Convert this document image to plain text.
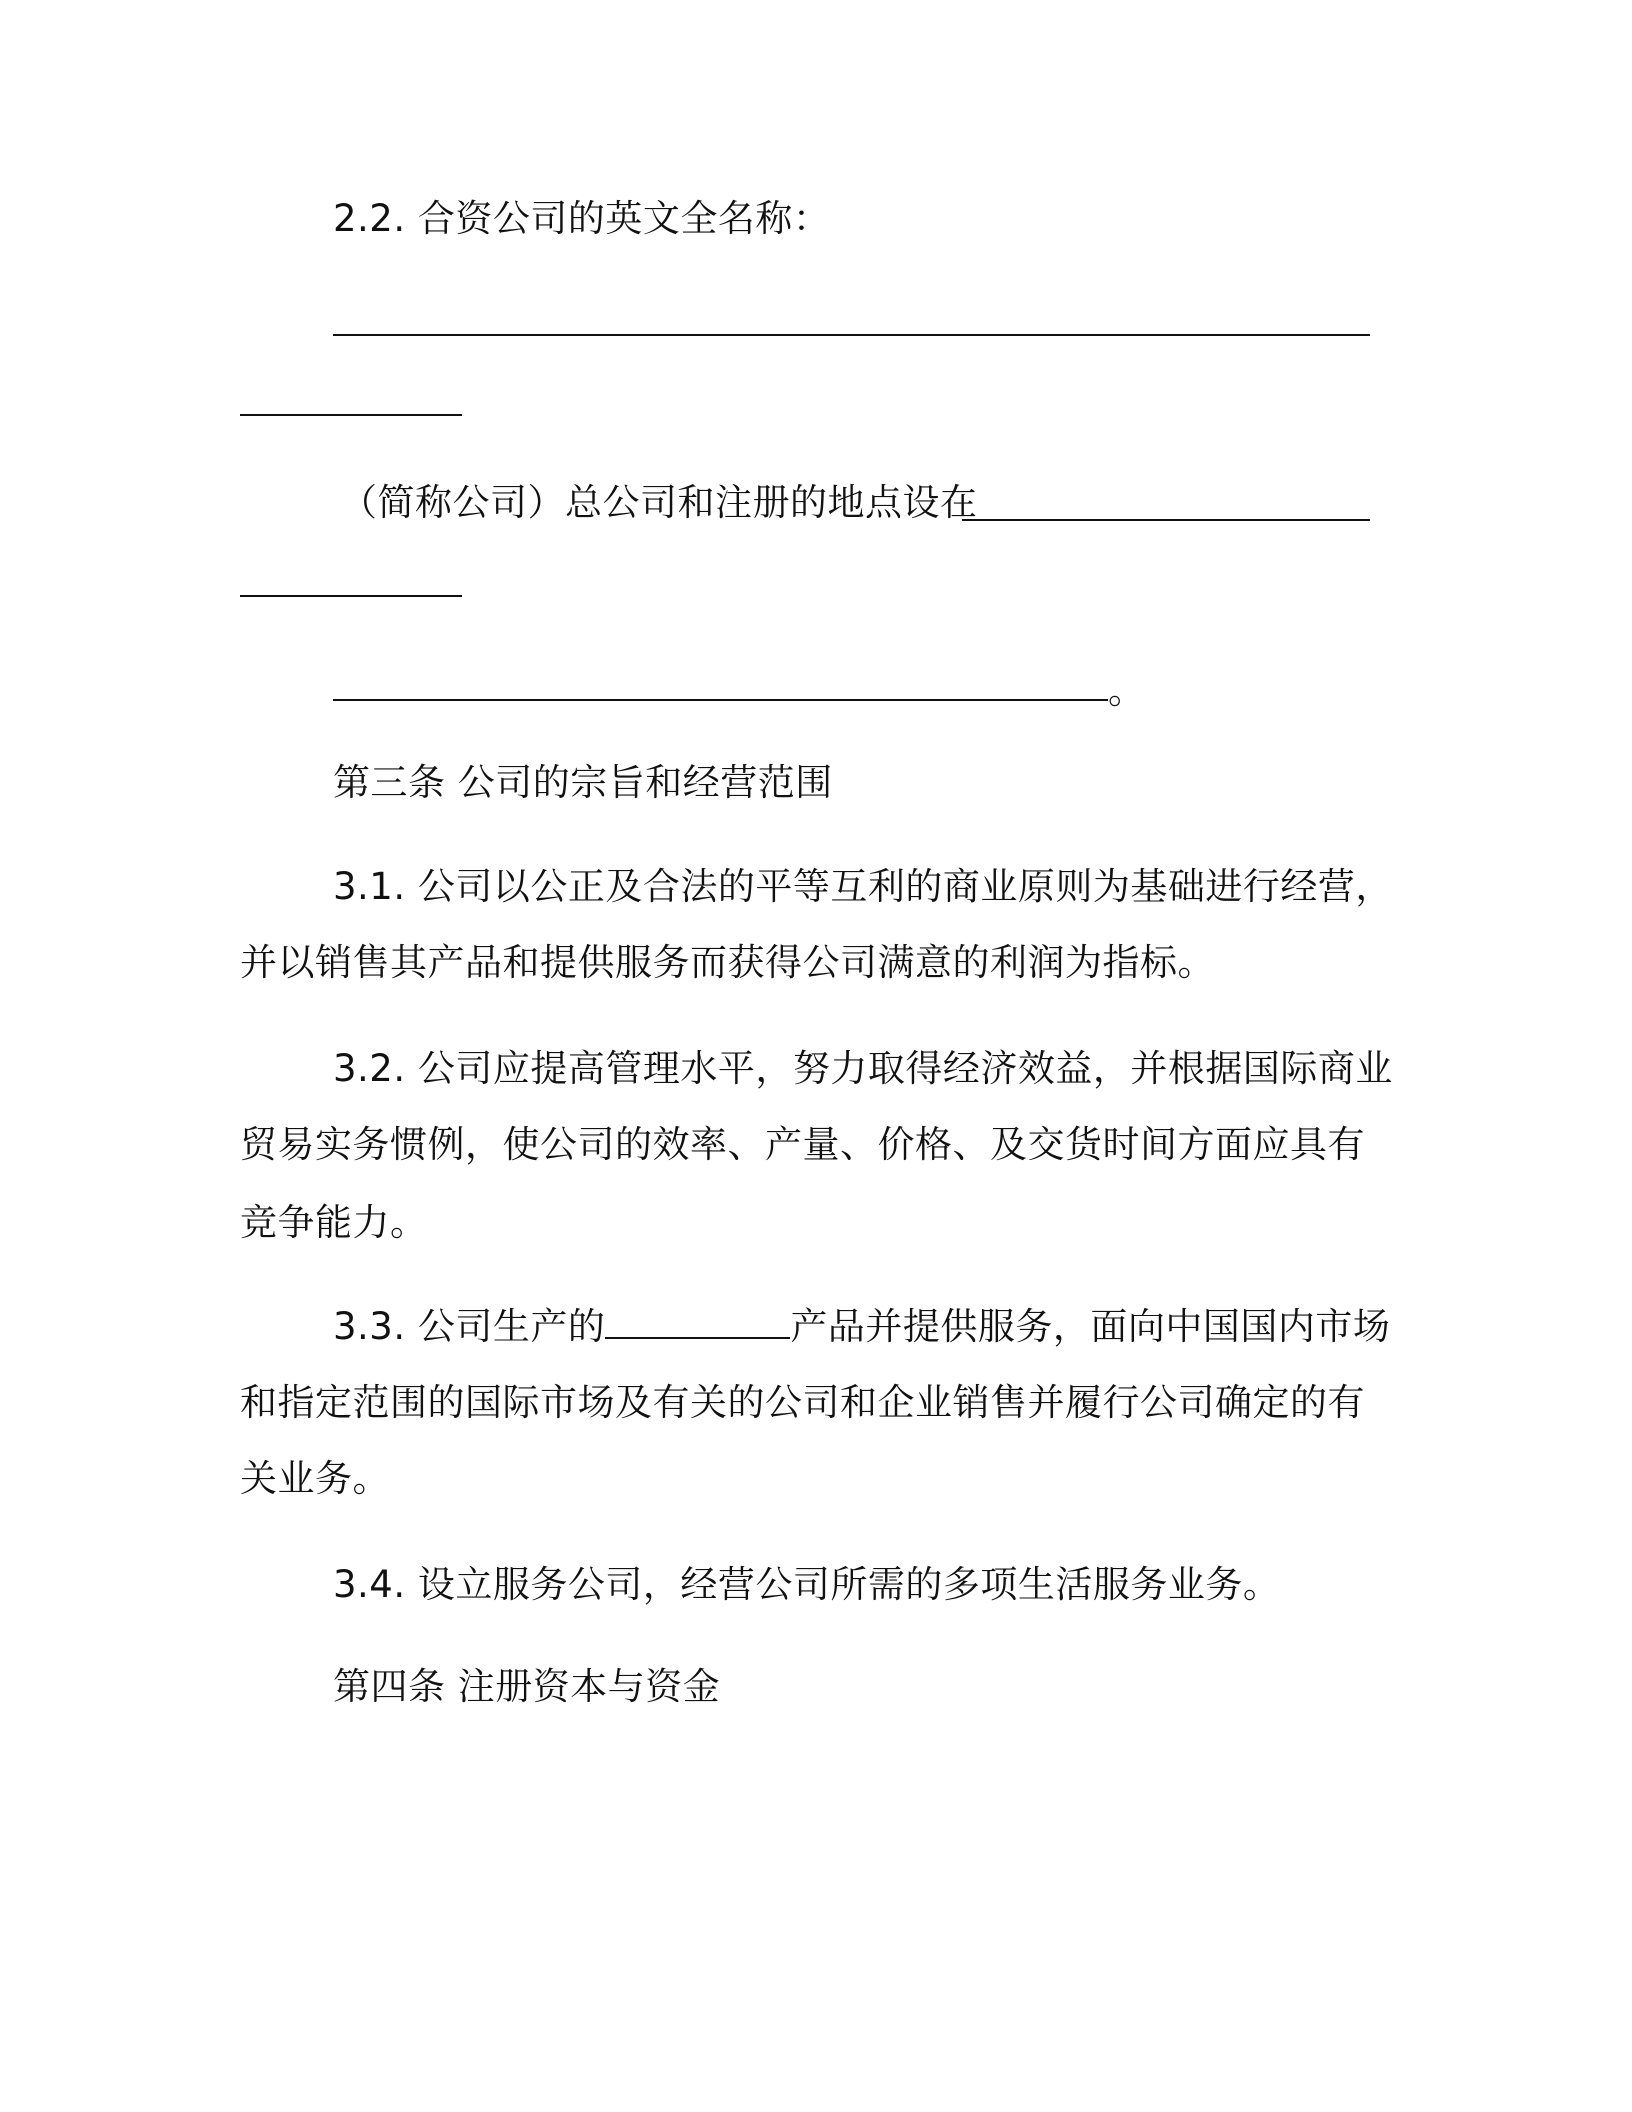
2.2. 合资公司的英文全名称：
（简称公司）总公司和注册的地点设在
。
第三条 公司的宗旨和经营范围
3.1. 公司以公正及合法的平等互利的商业原则为基础进行经营，
并以销售其产品和提供服务而获得公司满意的利润为指标。
3.2. 公司应提高管理水平，努力取得经济效益，并根据国际商业
贸易实务惯例，使公司的效率、产量、价格、及交货时间方面应具有
竞争能力。
3.3. 公司生产的	产品并提供服务，面向中国国内市场
和指定范围的国际市场及有关的公司和企业销售并履行公司确定的有
关业务。
3.4. 设立服务公司，经营公司所需的多项生活服务业务。
第四条 注册资本与资金
